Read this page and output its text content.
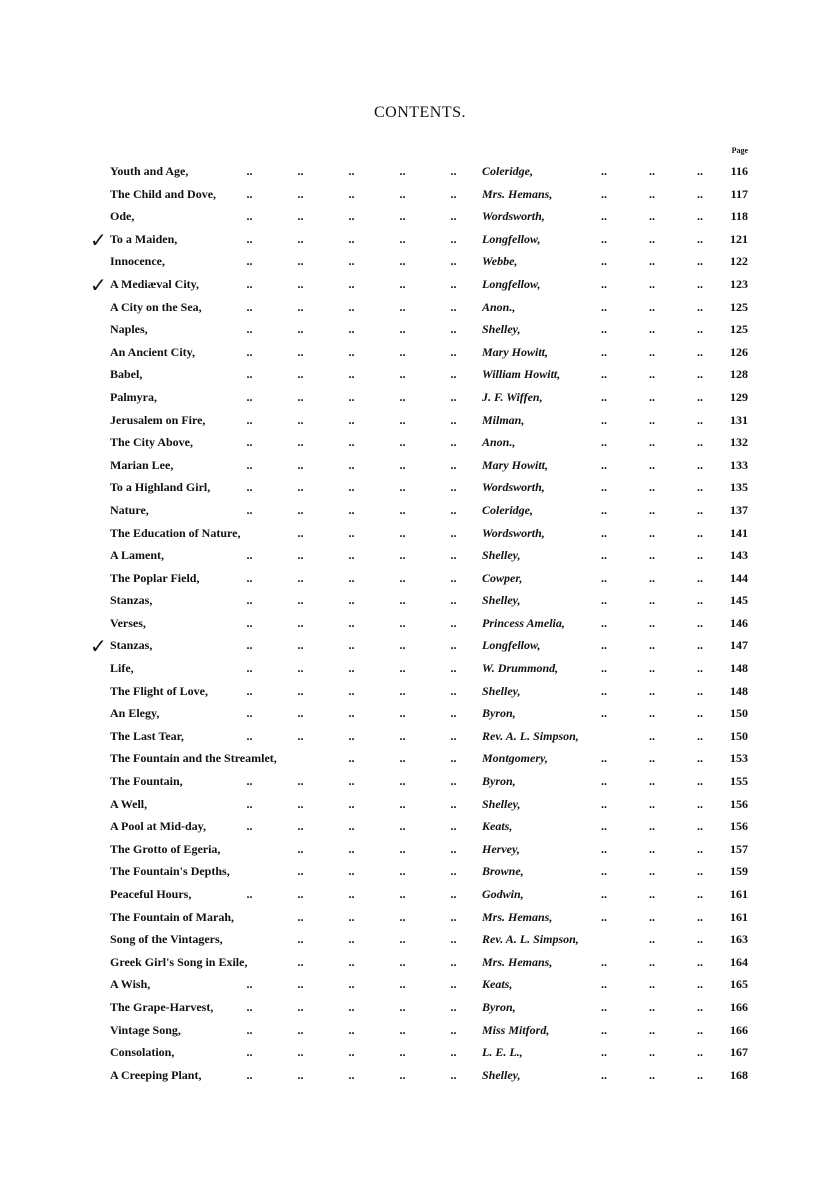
CONTENTS.
Page
Youth and Age,	..	..	..	..	.. Coleridge,	..	..	..	116
The Child and Dove,	..	..	..	..	.. Mrs. Hemans,	..	..	..	117
Ode,	..	..	..	..	.. Wordsworth,	..	..	..	118
✓ To a Maiden,	..	..	..	..	.. Longfellow,	..	..	..	121
Innocence,	..	..	..	..	.. Webbe,	..	..	..	122
✓ A Mediæval City,	..	..	..	..	.. Longfellow,	..	..	..	123
A City on the Sea,	..	..	..	..	.. Anon.,	..	..	..	125
Naples,	..	..	..	..	.. Shelley,	..	..	..	125
An Ancient City,	..	..	..	..	.. Mary Howitt,	..	..	..	126
Babel,	..	..	..	..	.. William Howitt,	..	..	..	128
Palmyra,	..	..	..	..	.. J. F. Wiffen,	..	..	..	129
Jerusalem on Fire,	..	..	..	..	.. Milman,	..	..	..	131
The City Above,	..	..	..	..	.. Anon.,	..	..	..	132
Marian Lee,	..	..	..	..	.. Mary Howitt,	..	..	..	133
To a Highland Girl,	..	..	..	..	.. Wordsworth,	..	..	..	135
Nature,	..	..	..	..	.. Coleridge,	..	..	..	137
The Education of Nature,	..	..	..	.. Wordsworth,	..	..	..	141
A Lament,	..	..	..	..	.. Shelley,	..	..	..	143
The Poplar Field,	..	..	..	..	.. Cowper,	..	..	..	144
Stanzas,	..	..	..	..	.. Shelley,	..	..	..	145
Verses,	..	..	..	..	.. Princess Amelia,	..	..	..	146
✓ Stanzas,	..	..	..	..	.. Longfellow,	..	..	..	147
Life,	..	..	..	..	.. W. Drummond,	..	..	..	148
The Flight of Love,	..	..	..	..	.. Shelley,	..	..	..	148
An Elegy,	..	..	..	..	.. Byron,	..	..	..	150
The Last Tear,	..	..	..	..	.. Rev. A. L. Simpson,	..	..	150
The Fountain and the Streamlet,	..	..	.. Montgomery,	..	..	..	153
The Fountain,	..	..	..	..	.. Byron,	..	..	..	155
A Well,	..	..	..	..	.. Shelley,	..	..	..	156
A Pool at Mid-day,	..	..	..	..	.. Keats,	..	..	..	156
The Grotto of Egeria,	..	..	..	.. Hervey,	..	..	..	157
The Fountain's Depths,	..	..	..	.. Browne,	..	..	..	159
Peaceful Hours,	..	..	..	..	.. Godwin,	..	..	..	161
The Fountain of Marah,	..	..	..	.. Mrs. Hemans,	..	..	..	161
Song of the Vintagers,	..	..	..	.. Rev. A. L. Simpson,	..	..	163
Greek Girl's Song in Exile,	..	..	..	.. Mrs. Hemans,	..	..	..	164
A Wish,	..	..	..	..	.. Keats,	..	..	..	165
The Grape-Harvest,	..	..	..	..	.. Byron,	..	..	..	166
Vintage Song,	..	..	..	..	.. Miss Mitford,	..	..	..	166
Consolation,	..	..	..	..	.. L. E. L.,	..	..	..	167
A Creeping Plant,	..	..	..	..	.. Shelley,	..	..	..	168
